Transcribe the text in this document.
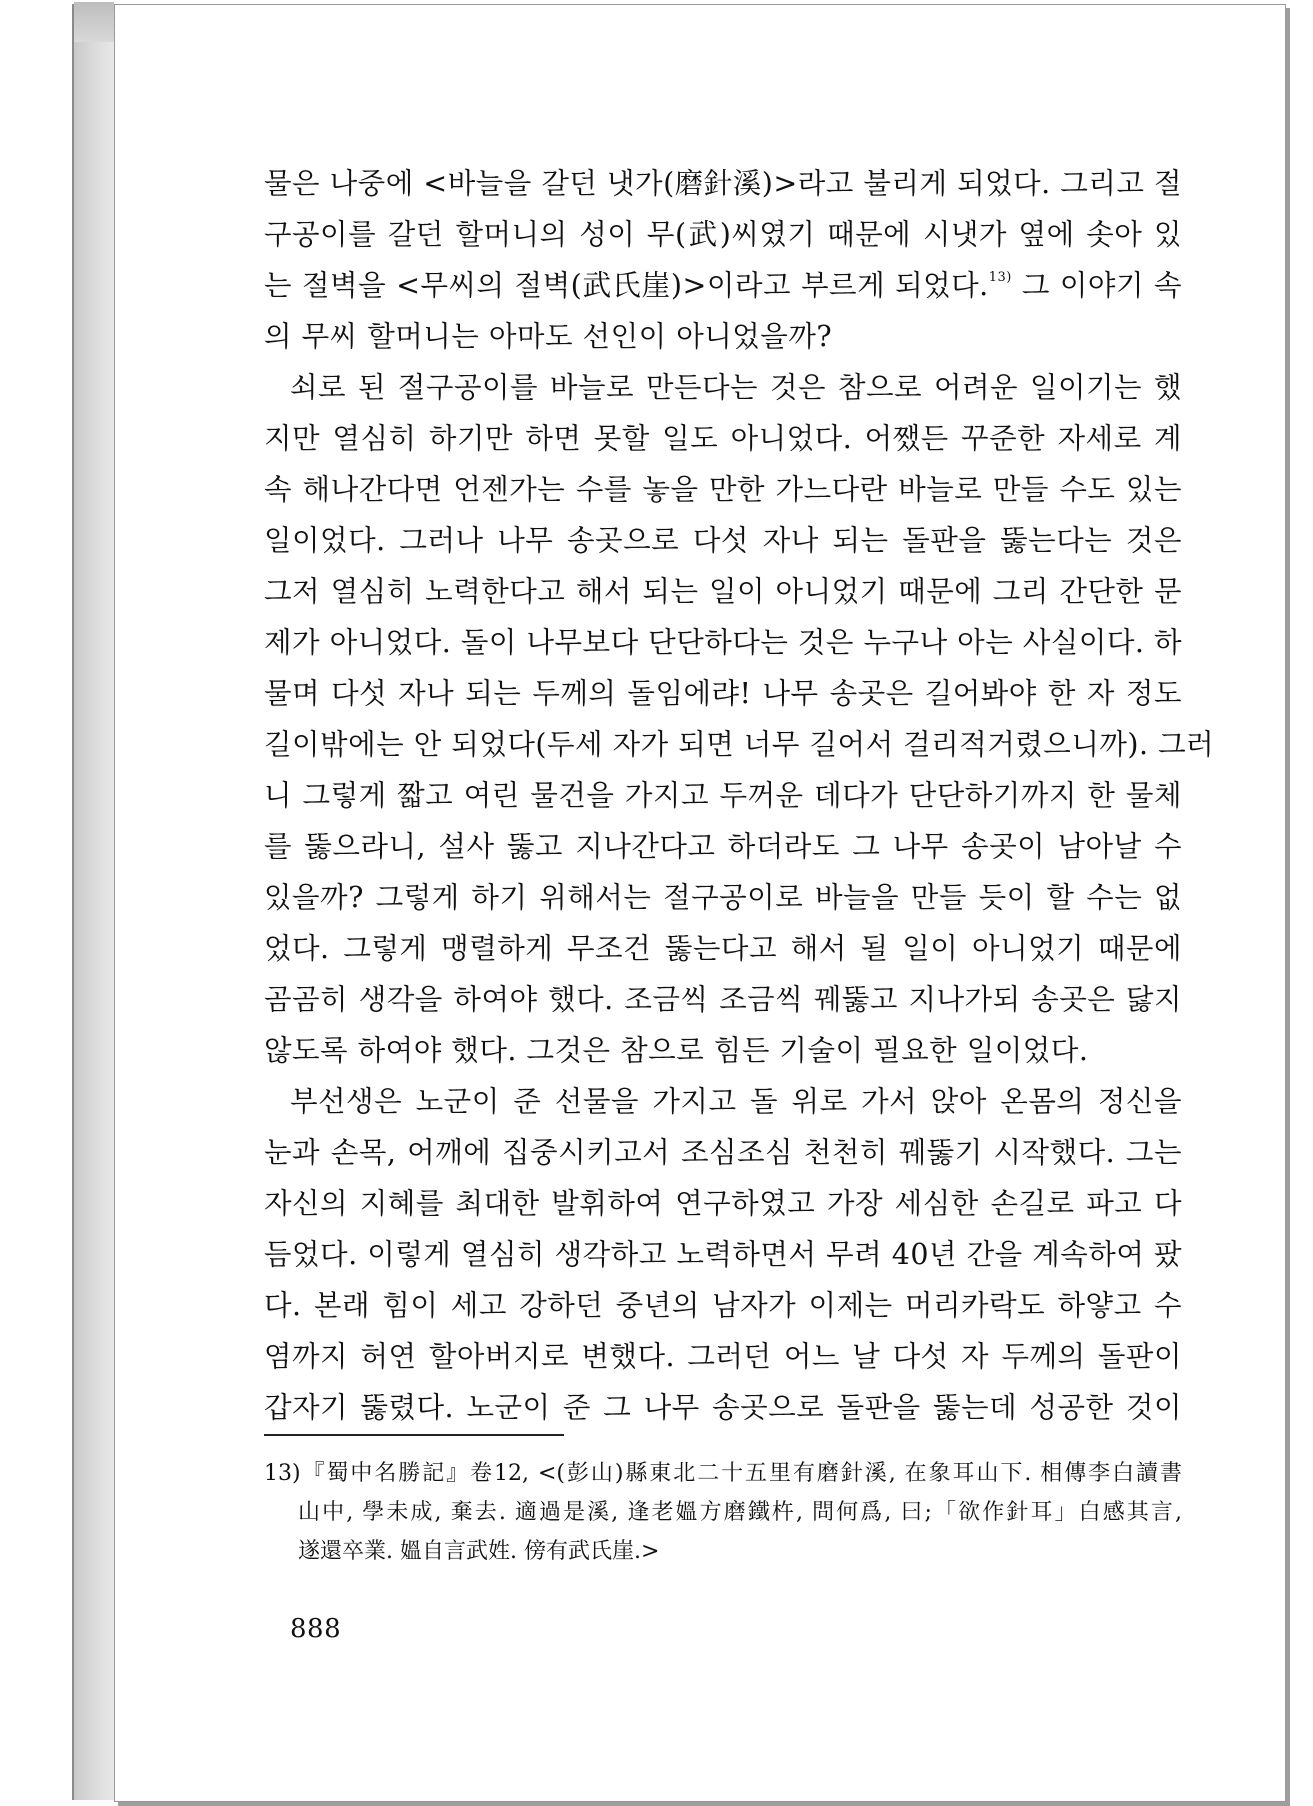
물은 나중에 <바늘을 갈던 냇가(磨針溪)>라고 불리게 되었다. 그리고 절
구공이를 갈던 할머니의 성이 무(武)씨였기 때문에 시냇가 옆에 솟아 있
는 절벽을 <무씨의 절벽(武氏崖)>이라고 부르게 되었다.$^{13)}$ 그 이야기 속
의 무씨 할머니는 아마도 선인이 아니었을까?
쇠로 된 절구공이를 바늘로 만든다는 것은 참으로 어려운 일이기는 했
지만 열심히 하기만 하면 못할 일도 아니었다. 어쨌든 꾸준한 자세로 계
속 해나간다면 언젠가는 수를 놓을 만한 가느다란 바늘로 만들 수도 있는
일이었다. 그러나 나무 송곳으로 다섯 자나 되는 돌판을 뚫는다는 것은
그저 열심히 노력한다고 해서 되는 일이 아니었기 때문에 그리 간단한 문
제가 아니었다. 돌이 나무보다 단단하다는 것은 누구나 아는 사실이다. 하
물며 다섯 자나 되는 두께의 돌임에랴! 나무 송곳은 길어봐야 한 자 정도
길이밖에는 안 되었다(두세 자가 되면 너무 길어서 걸리적거렸으니까). 그러
니 그렇게 짧고 여린 물건을 가지고 두꺼운 데다가 단단하기까지 한 물체
를 뚫으라니, 설사 뚫고 지나간다고 하더라도 그 나무 송곳이 남아날 수
있을까? 그렇게 하기 위해서는 절구공이로 바늘을 만들 듯이 할 수는 없
었다. 그렇게 맹렬하게 무조건 뚫는다고 해서 될 일이 아니었기 때문에
곰곰히 생각을 하여야 했다. 조금씩 조금씩 꿰뚫고 지나가되 송곳은 닳지
않도록 하여야 했다. 그것은 참으로 힘든 기술이 필요한 일이었다.
부선생은 노군이 준 선물을 가지고 돌 위로 가서 앉아 온몸의 정신을
눈과 손목, 어깨에 집중시키고서 조심조심 천천히 꿰뚫기 시작했다. 그는
자신의 지혜를 최대한 발휘하여 연구하였고 가장 세심한 손길로 파고 다
듬었다. 이렇게 열심히 생각하고 노력하면서 무려 40년 간을 계속하여 팠
다. 본래 힘이 세고 강하던 중년의 남자가 이제는 머리카락도 하얗고 수
염까지 허연 할아버지로 변했다. 그러던 어느 날 다섯 자 두께의 돌판이
갑자기 뚫렸다. 노군이 준 그 나무 송곳으로 돌판을 뚫는데 성공한 것이
13)『蜀中名勝記』卷12, <(彭山)縣東北二十五里有磨針溪, 在象耳山下. 相傳李白讀書
山中, 學未成, 棄去. 適過是溪, 逢老媼方磨鐵杵, 問何爲, 曰;「欲作針耳」白感其言,
遂還卒業. 媼自言武姓. 傍有武氏崖.>
888
